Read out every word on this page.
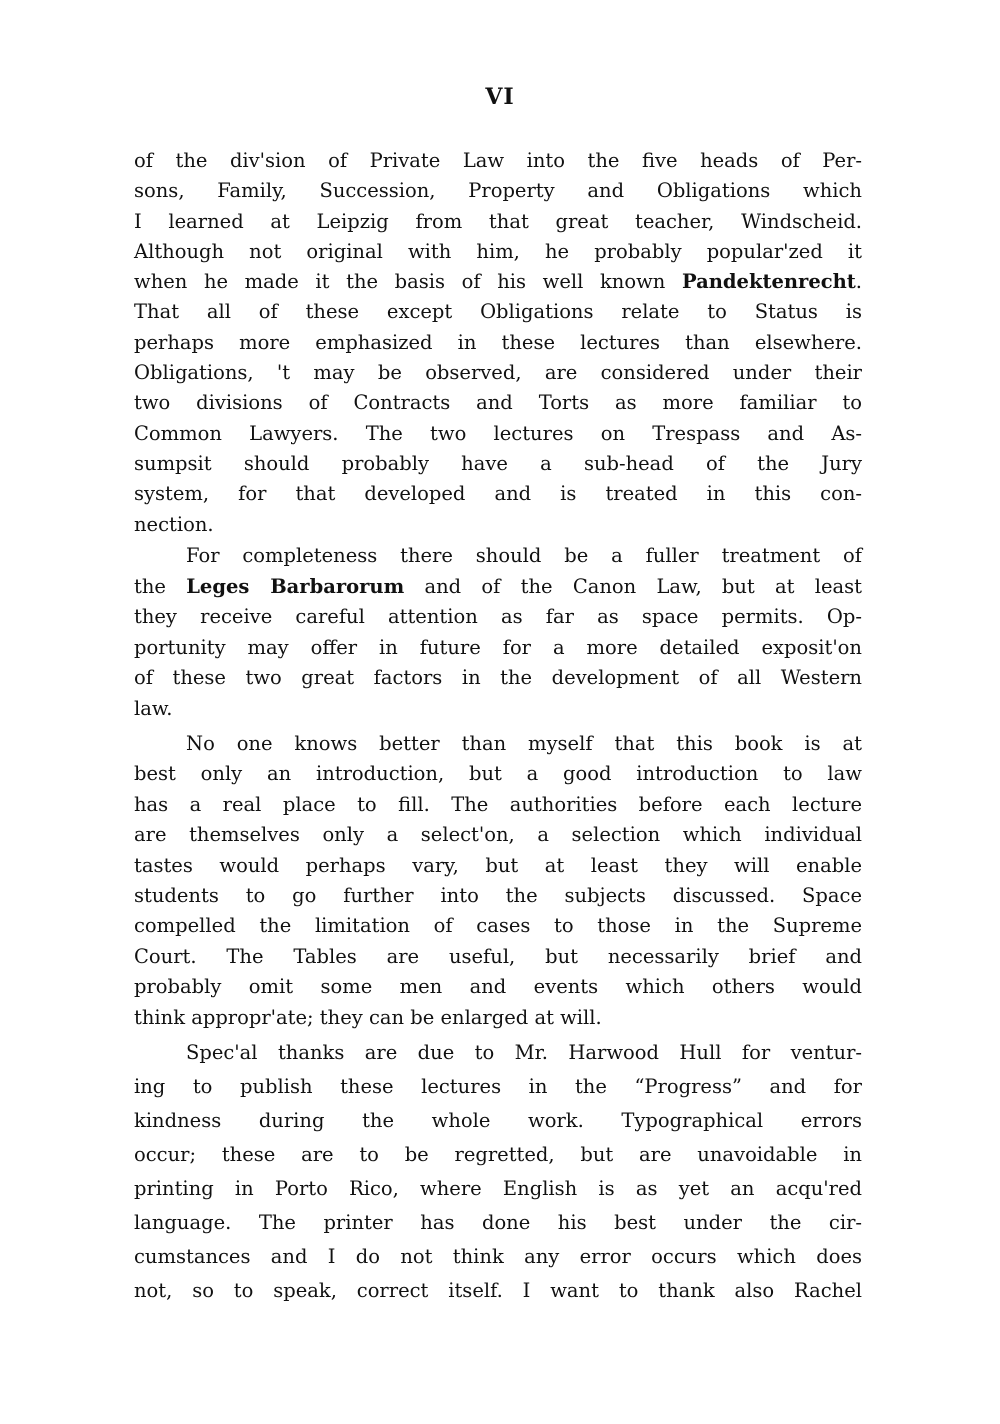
VI

of the div'sion of Private Law into the five heads of Per-
sons, Family, Succession, Property and Obligations which
I learned at Leipzig from that great teacher, Windscheid.
Although not original with him, he probably popular'zed it
when he made it the basis of his well known Pandektenrecht.
That all of these except Obligations relate to Status is
perhaps more emphasized in these lectures than elsewhere.
Obligations, 't may be observed, are considered under their
two divisions of Contracts and Torts as more familiar to
Common Lawyers. The two lectures on Trespass and As-
sumpsit should probably have a sub-head of the Jury
system, for that developed and is treated in this con-
nection.

For completeness there should be a fuller treatment of
the Leges Barbarorum and of the Canon Law, but at least
they receive careful attention as far as space permits. Op-
portunity may offer in future for a more detailed exposit'on
of these two great factors in the development of all Western
law.

No one knows better than myself that this book is at
best only an introduction, but a good introduction to law
has a real place to fill. The authorities before each lecture
are themselves only a select'on, a selection which individual
tastes would perhaps vary, but at least they will enable
students to go further into the subjects discussed. Space
compelled the limitation of cases to those in the Supreme
Court. The Tables are useful, but necessarily brief and
probably omit some men and events which others would
think appropr'ate; they can be enlarged at will.

Spec'al thanks are due to Mr. Harwood Hull for ventur-
ing to publish these lectures in the “Progress” and for
kindness during the whole work. Typographical errors
occur; these are to be regretted, but are unavoidable in
printing in Porto Rico, where English is as yet an acqu'red
language. The printer has done his best under the cir-
cumstances and I do not think any error occurs which does
not, so to speak, correct itself. I want to thank also Rachel
